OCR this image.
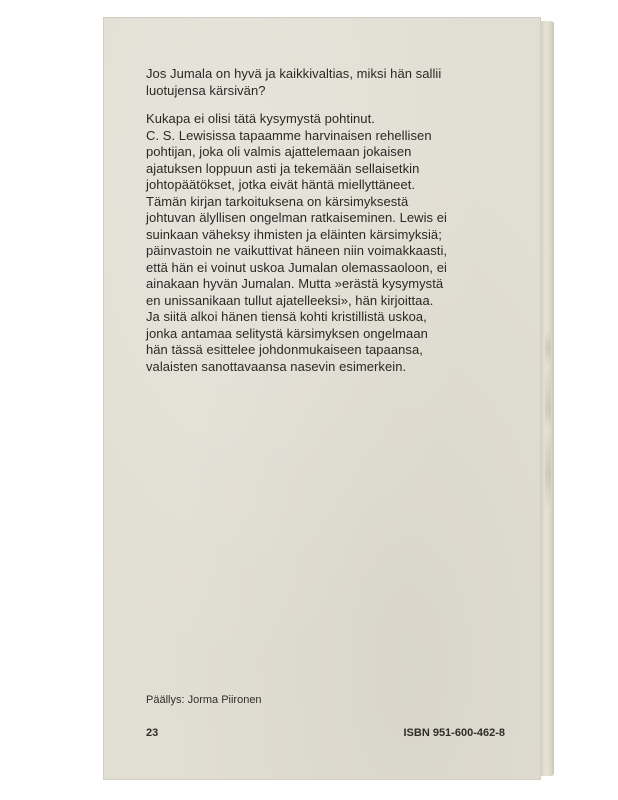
Jos Jumala on hyvä ja kaikkivaltias, miksi hän sallii
luotujensa kärsivän?

Kukapa ei olisi tätä kysymystä pohtinut.
C. S. Lewisissa tapaamme harvinaisen rehellisen
pohtijan, joka oli valmis ajattelemaan jokaisen
ajatuksen loppuun asti ja tekemään sellaisetkin
johtopäätökset, jotka eivät häntä miellyttäneet.
Tämän kirjan tarkoituksena on kärsimyksestä
johtuvan älyllisen ongelman ratkaiseminen. Lewis ei
suinkaan väheksy ihmisten ja eläinten kärsimyksiä;
päinvastoin ne vaikuttivat häneen niin voimakkaasti,
että hän ei voinut uskoa Jumalan olemassaoloon, ei
ainakaan hyvän Jumalan. Mutta »erästä kysymystä
en unissanikaan tullut ajatelleeksi», hän kirjoittaa.
Ja siitä alkoi hänen tiensä kohti kristillistä uskoa,
jonka antamaa selitystä kärsimyksen ongelmaan
hän tässä esittelee johdonmukaiseen tapaansa,
valaisten sanottavaansa nasevin esimerkein.

Päällys: Jorma Piironen
23	ISBN 951-600-462-8
